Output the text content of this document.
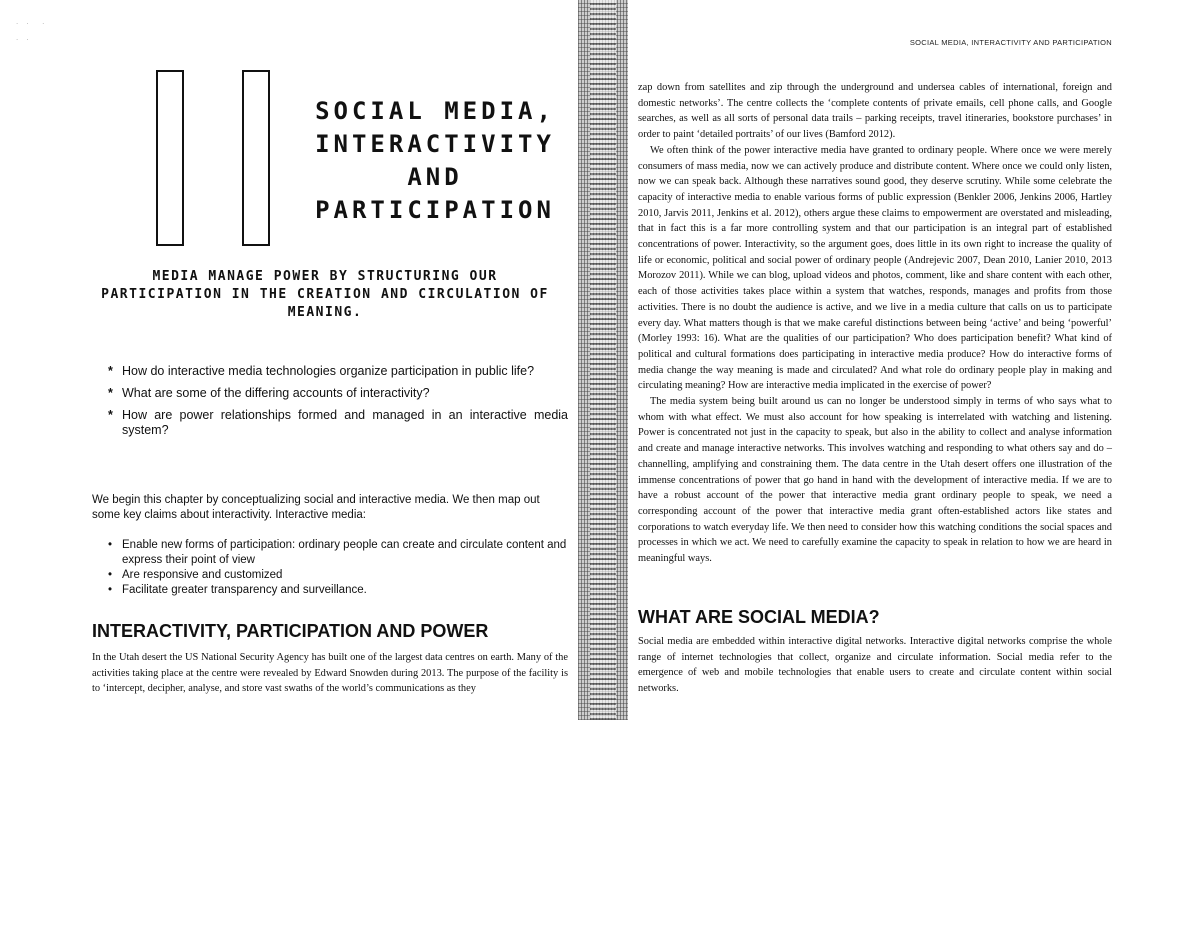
· ·  ·

· ·
SOCIAL MEDIA,
INTERACTIVITY
AND
PARTICIPATION
MEDIA MANAGE POWER BY STRUCTURING OUR PARTICIPATION IN THE CREATION AND CIRCULATION OF MEANING.
* How do interactive media technologies organize participation in public life?
* What are some of the differing accounts of interactivity?
* How are power relationships formed and managed in an interactive media system?

We begin this chapter by conceptualizing social and interactive media. We then map out some key claims about interactivity. Interactive media:

• Enable new forms of participation: ordinary people can create and circulate content and express their point of view
• Are responsive and customized
• Facilitate greater transparency and surveillance.
INTERACTIVITY, PARTICIPATION AND POWER

In the Utah desert the US National Security Agency has built one of the largest data centres on earth. Many of the activities taking place at the centre were revealed by Edward Snowden during 2013. The purpose of the facility is to ‘intercept, decipher, analyse, and store vast swaths of the world’s communications as they

SOCIAL MEDIA, INTERACTIVITY AND PARTICIPATION

zap down from satellites and zip through the underground and undersea cables of international, foreign and domestic networks’. The centre collects the ‘complete contents of private emails, cell phone calls, and Google searches, as well as all sorts of personal data trails – parking receipts, travel itineraries, bookstore purchases’ in order to paint ‘detailed portraits’ of our lives (Bamford 2012).

We often think of the power interactive media have granted to ordinary people. Where once we were merely consumers of mass media, now we can actively produce and distribute content. Where once we could only listen, now we can speak back. Although these narratives sound good, they deserve scrutiny. While some celebrate the capacity of interactive media to enable various forms of public expression (Benkler 2006, Jenkins 2006, Hartley 2010, Jarvis 2011, Jenkins et al. 2012), others argue these claims to empowerment are overstated and misleading, that in fact this is a far more controlling system and that our participation is an integral part of established concentrations of power. Interactivity, so the argument goes, does little in its own right to increase the quality of life or economic, political and social power of ordinary people (Andrejevic 2007, Dean 2010, Lanier 2010, 2013 Morozov 2011). While we can blog, upload videos and photos, comment, like and share content with each other, each of those activities takes place within a system that watches, responds, manages and profits from those activities. There is no doubt the audience is active, and we live in a media culture that calls on us to participate every day. What matters though is that we make careful distinctions between being ‘active’ and being ‘powerful’ (Morley 1993: 16). What are the qualities of our participation? Who does participation benefit? What kind of political and cultural formations does participating in interactive media produce? How do interactive forms of media change the way meaning is made and circulated? And what role do ordinary people play in making and circulating meaning? How are interactive media implicated in the exercise of power?

The media system being built around us can no longer be understood simply in terms of who says what to whom with what effect. We must also account for how speaking is interrelated with watching and listening. Power is concentrated not just in the capacity to speak, but also in the ability to collect and analyse information and create and manage interactive networks. This involves watching and responding to what others say and do – channelling, amplifying and constraining them. The data centre in the Utah desert offers one illustration of the immense concentrations of power that go hand in hand with the development of interactive media. If we are to have a robust account of the power that interactive media grant ordinary people to speak, we need a corresponding account of the power that interactive media grant often-established actors like states and corporations to watch everyday life. We then need to consider how this watching conditions the social spaces and processes in which we act. We need to carefully examine the capacity to speak in relation to how we are heard in meaningful ways.

WHAT ARE SOCIAL MEDIA?

Social media are embedded within interactive digital networks. Interactive digital networks comprise the whole range of internet technologies that collect, organize and circulate information. Social media refer to the emergence of web and mobile technologies that enable users to create and circulate content within social networks.
